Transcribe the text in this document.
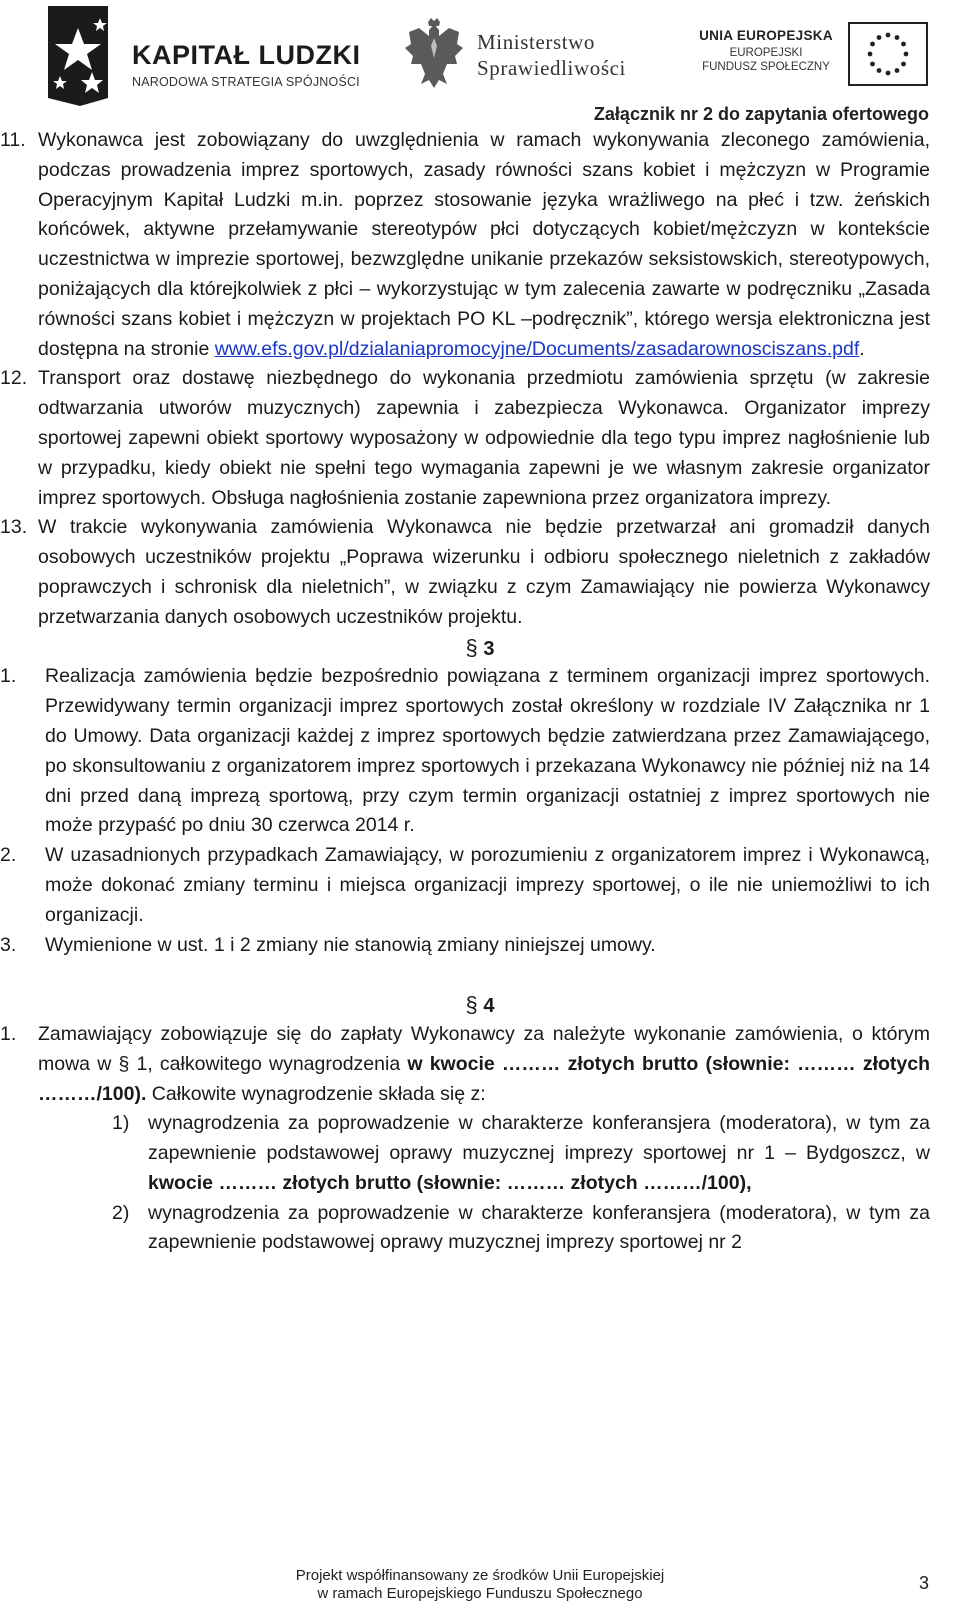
KAPITAŁ LUDZKI
NARODOWA STRATEGIA SPÓJNOŚCI
Ministerstwo
Sprawiedliwości
UNIA EUROPEJSKA
EUROPEJSKI
FUNDUSZ SPOŁECZNY
Załącznik nr 2 do zapytania ofertowego
11. Wykonawca jest zobowiązany do uwzględnienia w ramach wykonywania zleconego zamówienia, podczas prowadzenia imprez sportowych, zasady równości szans kobiet i mężczyzn w Programie Operacyjnym Kapitał Ludzki m.in. poprzez stosowanie języka wrażliwego na płeć i tzw. żeńskich końcówek, aktywne przełamywanie stereotypów płci dotyczących kobiet/mężczyzn w kontekście uczestnictwa w imprezie sportowej, bezwzględne unikanie przekazów seksistowskich, stereotypowych, poniżających dla którejkolwiek z płci – wykorzystując w tym zalecenia zawarte w podręczniku „Zasada równości szans kobiet i mężczyzn w projektach PO KL –podręcznik”, którego wersja elektroniczna jest dostępna na stronie www.efs.gov.pl/dzialaniapromocyjne/Documents/zasadarownosciszans.pdf.
12. Transport oraz dostawę niezbędnego do wykonania przedmiotu zamówienia sprzętu (w zakresie odtwarzania utworów muzycznych) zapewnia i zabezpiecza Wykonawca. Organizator imprezy sportowej zapewni obiekt sportowy wyposażony w odpowiednie dla tego typu imprez nagłośnienie lub w przypadku, kiedy obiekt nie spełni tego wymagania zapewni je we własnym zakresie organizator imprez sportowych. Obsługa nagłośnienia zostanie zapewniona przez organizatora imprezy.
13. W trakcie wykonywania zamówienia Wykonawca nie będzie przetwarzał ani gromadził danych osobowych uczestników projektu „Poprawa wizerunku i odbioru społecznego nieletnich z zakładów poprawczych i schronisk dla nieletnich”, w związku z czym Zamawiający nie powierza Wykonawcy przetwarzania danych osobowych uczestników projektu.
§ 3
1. Realizacja zamówienia będzie bezpośrednio powiązana z terminem organizacji imprez sportowych. Przewidywany termin organizacji imprez sportowych został określony w rozdziale IV Załącznika nr 1 do Umowy. Data organizacji każdej z imprez sportowych będzie zatwierdzana przez Zamawiającego, po skonsultowaniu z organizatorem imprez sportowych i przekazana Wykonawcy nie później niż na 14 dni przed daną imprezą sportową, przy czym termin organizacji ostatniej z imprez sportowych nie może przypaść po dniu 30 czerwca 2014 r.
2. W uzasadnionych przypadkach Zamawiający, w porozumieniu z organizatorem imprez i Wykonawcą, może dokonać zmiany terminu i miejsca organizacji imprezy sportowej, o ile nie uniemożliwi to ich organizacji.
3. Wymienione w ust. 1 i 2 zmiany nie stanowią zmiany niniejszej umowy.
§ 4
1. Zamawiający zobowiązuje się do zapłaty Wykonawcy za należyte wykonanie zamówienia, o którym mowa w § 1, całkowitego wynagrodzenia w kwocie ……… złotych brutto (słownie: ……… złotych ………/100). Całkowite wynagrodzenie składa się z:
1) wynagrodzenia za poprowadzenie w charakterze konferansjera (moderatora), w tym za zapewnienie podstawowej oprawy muzycznej imprezy sportowej nr 1 – Bydgoszcz, w kwocie ……… złotych brutto (słownie: ……… złotych ………/100),
2) wynagrodzenia za poprowadzenie w charakterze konferansjera (moderatora), w tym za zapewnienie podstawowej oprawy muzycznej imprezy sportowej nr 2
Projekt współfinansowany ze środków Unii Europejskiej
w ramach Europejskiego Funduszu Społecznego
3
